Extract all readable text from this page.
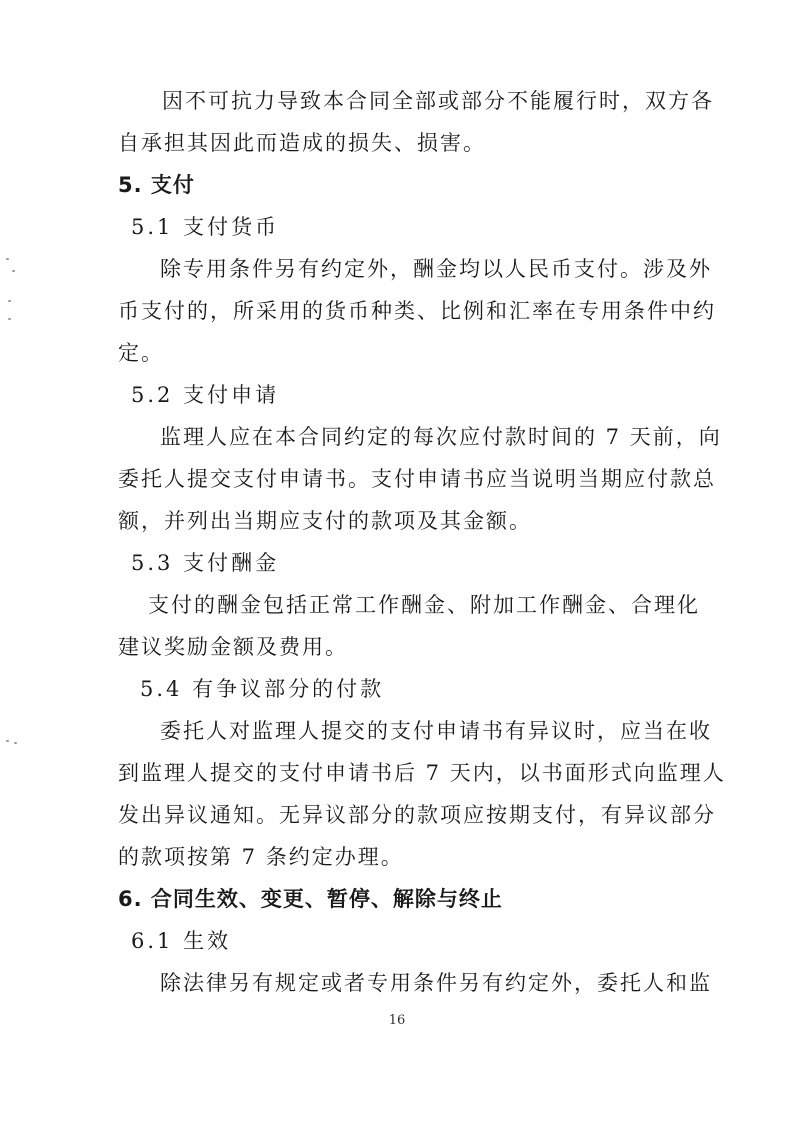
因不可抗力导致本合同全部或部分不能履行时，双方各
自承担其因此而造成的损失、损害。
5. 支付
5.1 支付货币
除专用条件另有约定外，酬金均以人民币支付。涉及外
币支付的，所采用的货币种类、比例和汇率在专用条件中约
定。
5.2 支付申请
监理人应在本合同约定的每次应付款时间的 7 天前，向
委托人提交支付申请书。支付申请书应当说明当期应付款总
额，并列出当期应支付的款项及其金额。
5.3 支付酬金
支付的酬金包括正常工作酬金、附加工作酬金、合理化
建议奖励金额及费用。
5.4 有争议部分的付款
委托人对监理人提交的支付申请书有异议时，应当在收
到监理人提交的支付申请书后 7 天内，以书面形式向监理人
发出异议通知。无异议部分的款项应按期支付，有异议部分
的款项按第 7 条约定办理。
6. 合同生效、变更、暂停、解除与终止
6.1 生效
除法律另有规定或者专用条件另有约定外，委托人和监
16
